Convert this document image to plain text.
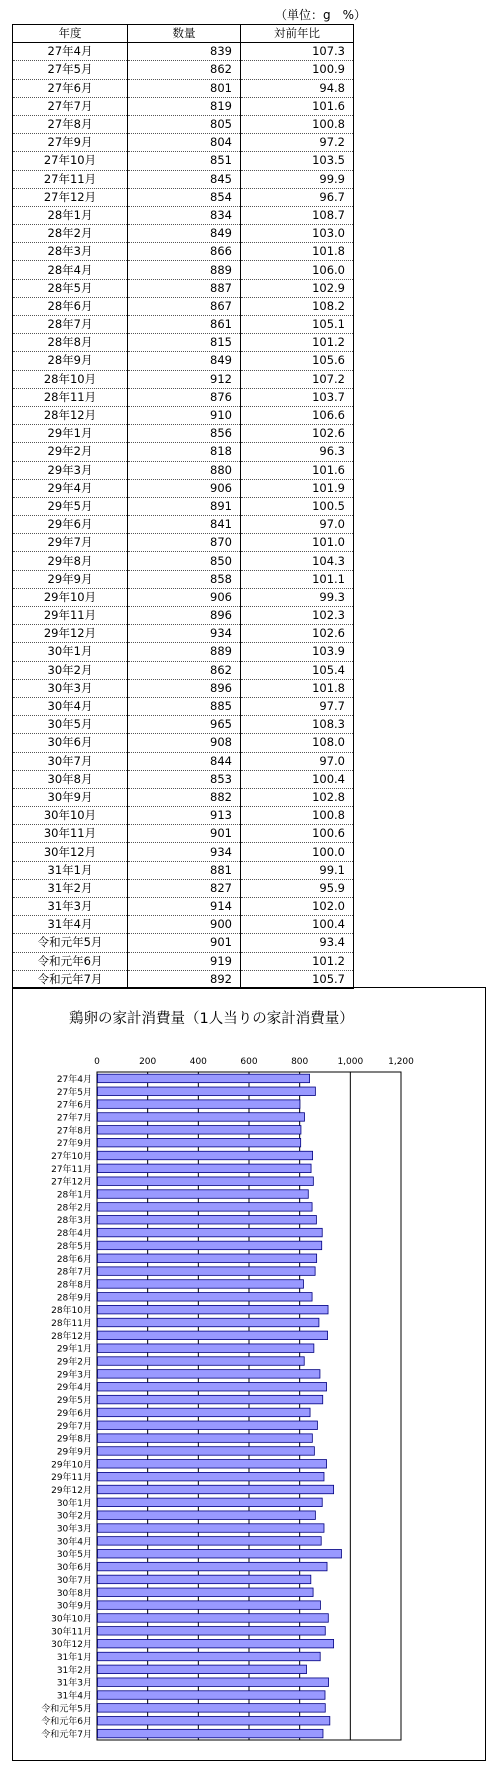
（単位：g　%）
年度	数量	対前年比
27年4月	839	107.3
27年5月	862	100.9
27年6月	801	94.8
27年7月	819	101.6
27年8月	805	100.8
27年9月	804	97.2
27年10月	851	103.5
27年11月	845	99.9
27年12月	854	96.7
28年1月	834	108.7
28年2月	849	103.0
28年3月	866	101.8
28年4月	889	106.0
28年5月	887	102.9
28年6月	867	108.2
28年7月	861	105.1
28年8月	815	101.2
28年9月	849	105.6
28年10月	912	107.2
28年11月	876	103.7
28年12月	910	106.6
29年1月	856	102.6
29年2月	818	96.3
29年3月	880	101.6
29年4月	906	101.9
29年5月	891	100.5
29年6月	841	97.0
29年7月	870	101.0
29年8月	850	104.3
29年9月	858	101.1
29年10月	906	99.3
29年11月	896	102.3
29年12月	934	102.6
30年1月	889	103.9
30年2月	862	105.4
30年3月	896	101.8
30年4月	885	97.7
30年5月	965	108.3
30年6月	908	108.0
30年7月	844	97.0
30年8月	853	100.4
30年9月	882	102.8
30年10月	913	100.8
30年11月	901	100.6
30年12月	934	100.0
31年1月	881	99.1
31年2月	827	95.9
31年3月	914	102.0
31年4月	900	100.4
令和元年5月	901	93.4
令和元年6月	919	101.2
令和元年7月	892	105.7
鶏卵の家計消費量（1人当りの家計消費量）
0	200	400	600	800	1,000	1,200
27年4月
27年5月
27年6月
27年7月
27年8月
27年9月
27年10月
27年11月
27年12月
28年1月
28年2月
28年3月
28年4月
28年5月
28年6月
28年7月
28年8月
28年9月
28年10月
28年11月
28年12月
29年1月
29年2月
29年3月
29年4月
29年5月
29年6月
29年7月
29年8月
29年9月
29年10月
29年11月
29年12月
30年1月
30年2月
30年3月
30年4月
30年5月
30年6月
30年7月
30年8月
30年9月
30年10月
30年11月
30年12月
31年1月
31年2月
31年3月
31年4月
令和元年5月
令和元年6月
令和元年7月
